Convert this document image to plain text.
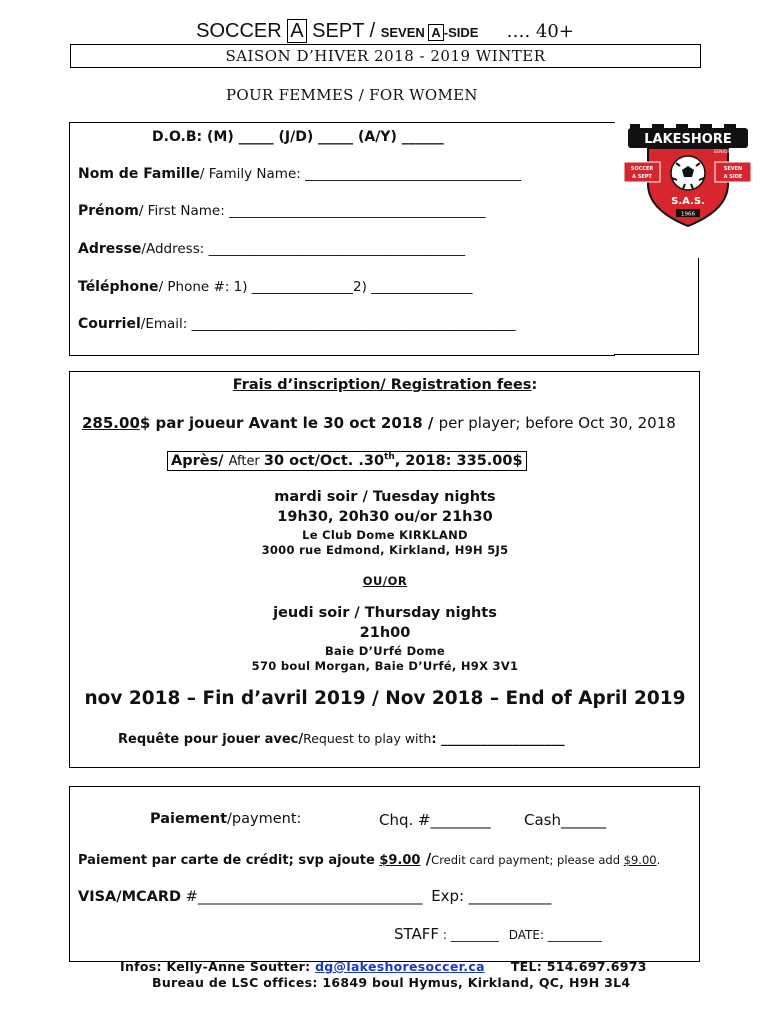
SOCCER A SEPT / SEVEN A -SIDE …. 40+
SAISON D’HIVER 2018 - 2019 WINTER
POUR FEMMES / FOR WOMEN
D.O.B: (M) _____ (J/D) _____ (A/Y) ______
Nom de Famille/ Family Name: ________________________________
Prénom/ First Name: ______________________________________
Adresse/Address: ______________________________________
Téléphone/ Phone #: 1) _______________2) _______________
Courriel/Email: ________________________________________________
LAKESHORE
SENIOR
SOCCER
A SEPT
SEVEN
A SIDE
S.A.S.
1966
Frais d’inscription/ Registration fees:
285.00$ par joueur Avant le 30 oct 2018 / per player; before Oct 30, 2018
Après/ After 30 oct/Oct. .30th, 2018: 335.00$
mardi soir / Tuesday nights
19h30, 20h30 ou/or 21h30
Le Club Dome KIRKLAND
3000 rue Edmond, Kirkland, H9H 5J5
OU/OR
jeudi soir / Thursday nights
21h00
Baie D’Urfé Dome
570 boul Morgan, Baie D’Urfé, H9X 3V1
nov 2018 – Fin d’avril 2019 / Nov 2018 – End of April 2019
Requête pour jouer avec/Request to play with: ___________________
Paiement/payment:	Chq. #________ Cash______
Paiement par carte de crédit; svp ajoute $9.00 /Credit card payment; please add $9.00.
VISA/MCARD #_______________________________ Exp: ___________
STAFF : ________ DATE: _________
Infos: Kelly-Anne Soutter: dg@lakeshoresoccer.ca TEL: 514.697.6973
Bureau de LSC offices: 16849 boul Hymus, Kirkland, QC, H9H 3L4
